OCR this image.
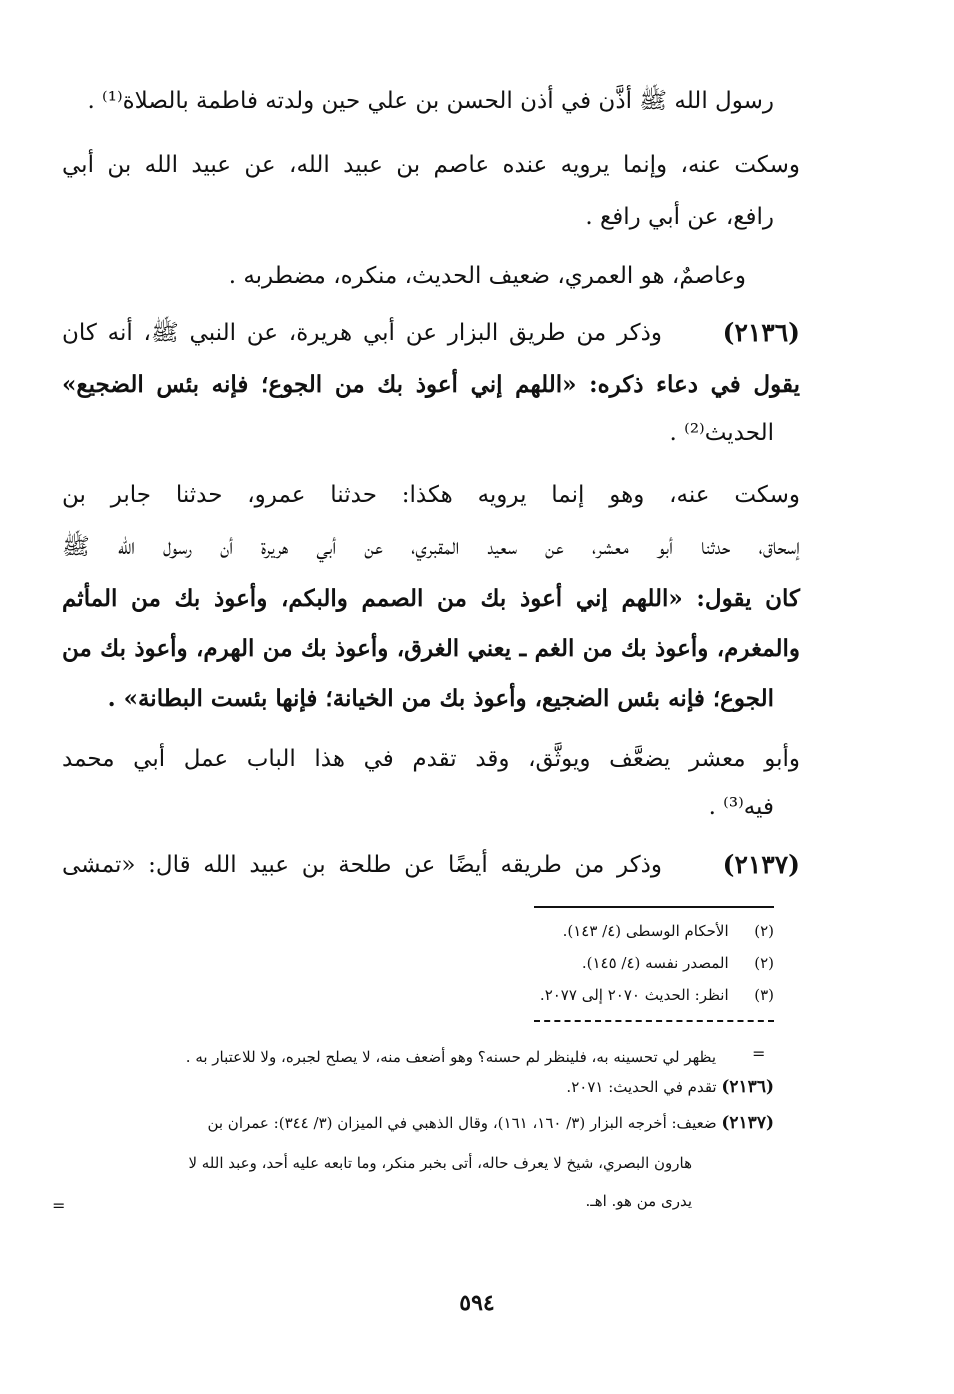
رسول الله ﷺ أذَّن في أذن الحسن بن علي حين ولدته فاطمة بالصلاة⁽¹⁾ .
وسكت عنه، وإنما يرويه عنده عاصم بن عبيد الله، عن عبيد الله بن أبي
رافع، عن أبي رافع .
وعاصمٌ، هو العمري، ضعيف الحديث، منكره، مضطربه .
(٢١٣٦)
وذكر من طريق البزار عن أبي هريرة، عن النبي ﷺ، أنه كان
يقول في دعاء ذكره: «اللهم إني أعوذ بك من الجوع؛ فإنه بئس الضجيع»
الحديث⁽²⁾ .
وسكت عنه، وهو إنما يرويه هكذا: حدثنا عمرو، حدثنا جابر بن
إسحاق، حدثنا أبو معشر، عن سعيد المقبري، عن أبي هريرة أن رسول الله ﷺ
كان يقول: «اللهم إني أعوذ بك من الصمم والبكم، وأعوذ بك من المأثم
والمغرم، وأعوذ بك من الغم ـ يعني الغرق، وأعوذ بك من الهرم، وأعوذ بك من
الجوع؛ فإنه بئس الضجيع، وأعوذ بك من الخيانة؛ فإنها بئست البطانة» .
وأبو معشر يضعَّف ويوثَّق، وقد تقدم في هذا الباب عمل أبي محمد
فيه⁽³⁾ .
(٢١٣٧)
وذكر من طريقه أيضًا عن طلحة بن عبيد الله قال: «تمشى
(٢)  الأحكام الوسطى (٤/ ١٤٣).
(٢)  المصدر نفسه (٤/ ١٤٥).
(٣)  انظر: الحديث ٢٠٧٠ إلى ٢٠٧٧.
=
يظهر لي تحسينه به، فلينظر لم حسنه؟ وهو أضعف منه، لا يصلح لجبره، ولا للاعتبار به .
(٢١٣٦) تقدم في الحديث: ٢٠٧١.
(٢١٣٧) ضعيف: أخرجه البزار (٣/ ١٦٠، ١٦١)، وقال الذهبي في الميزان (٣/ ٣٤٤): عمران بن
هارون البصري، شيخ لا يعرف حاله، أتى بخبر منكر، وما تابعه عليه أحد، وعبد الله لا
يدرى من هو. اهـ.
=
٥٩٤
